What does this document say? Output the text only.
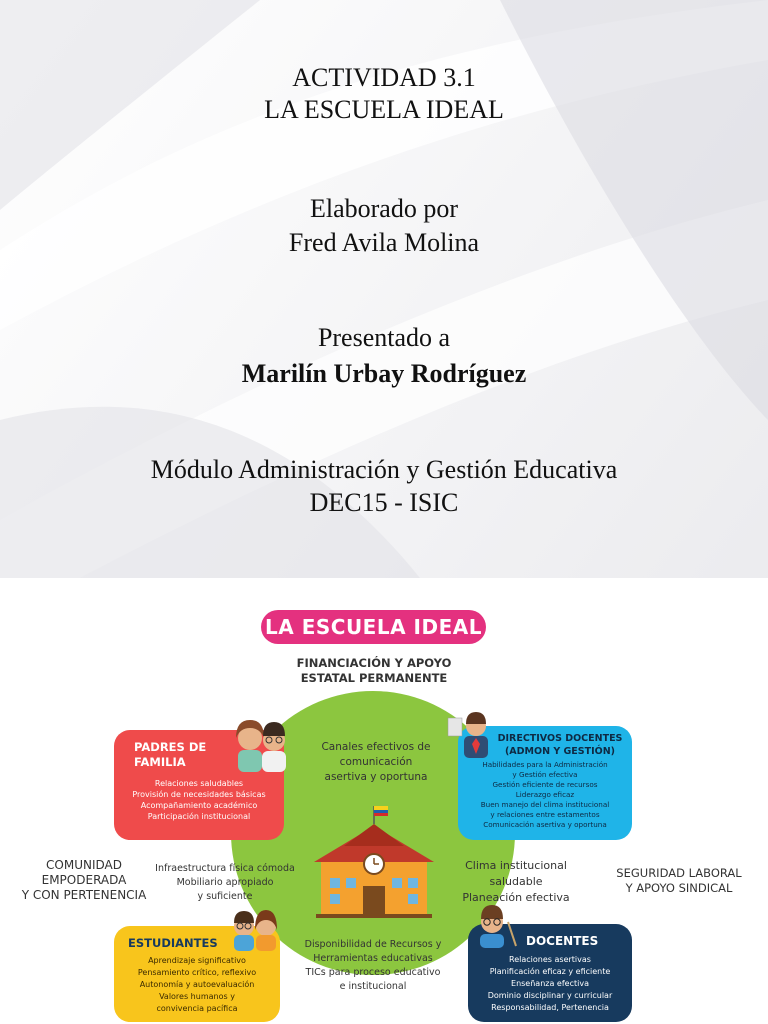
ACTIVIDAD 3.1
LA ESCUELA IDEAL
Elaborado por
Fred Avila Molina
Presentado a
Marilín Urbay Rodríguez
Módulo Administración y Gestión Educativa
DEC15 - ISIC
LA ESCUELA IDEAL
FINANCIACIÓN Y APOYO
ESTATAL PERMANENTE
COMUNIDAD
EMPODERADA
Y CON PERTENENCIA
SEGURIDAD LABORAL
Y APOYO SINDICAL
Canales efectivos de
comunicación
asertiva y oportuna
Infraestructura física cómoda
Mobiliario apropiado
y suficiente
Clima institucional
saludable
Planeación efectiva
Disponibilidad de Recursos y
Herramientas educativas
TICs para proceso educativo
e institucional
PADRES DE
FAMILIA
Relaciones saludables
Provisión de necesidades básicas
Acompañamiento académico
Participación institucional
DIRECTIVOS DOCENTES
(ADMON Y GESTIÓN)
Habilidades para la Administración
y Gestión efectiva
Gestión eficiente de recursos
Liderazgo eficaz
Buen manejo del clima institucional
y relaciones entre estamentos
Comunicación asertiva y oportuna
ESTUDIANTES
Aprendizaje significativo
Pensamiento crítico, reflexivo
Autonomía y autoevaluación
Valores humanos y
convivencia pacífica
DOCENTES
Relaciones asertivas
Planificación eficaz y eficiente
Enseñanza efectiva
Dominio disciplinar y curricular
Responsabilidad, Pertenencia
